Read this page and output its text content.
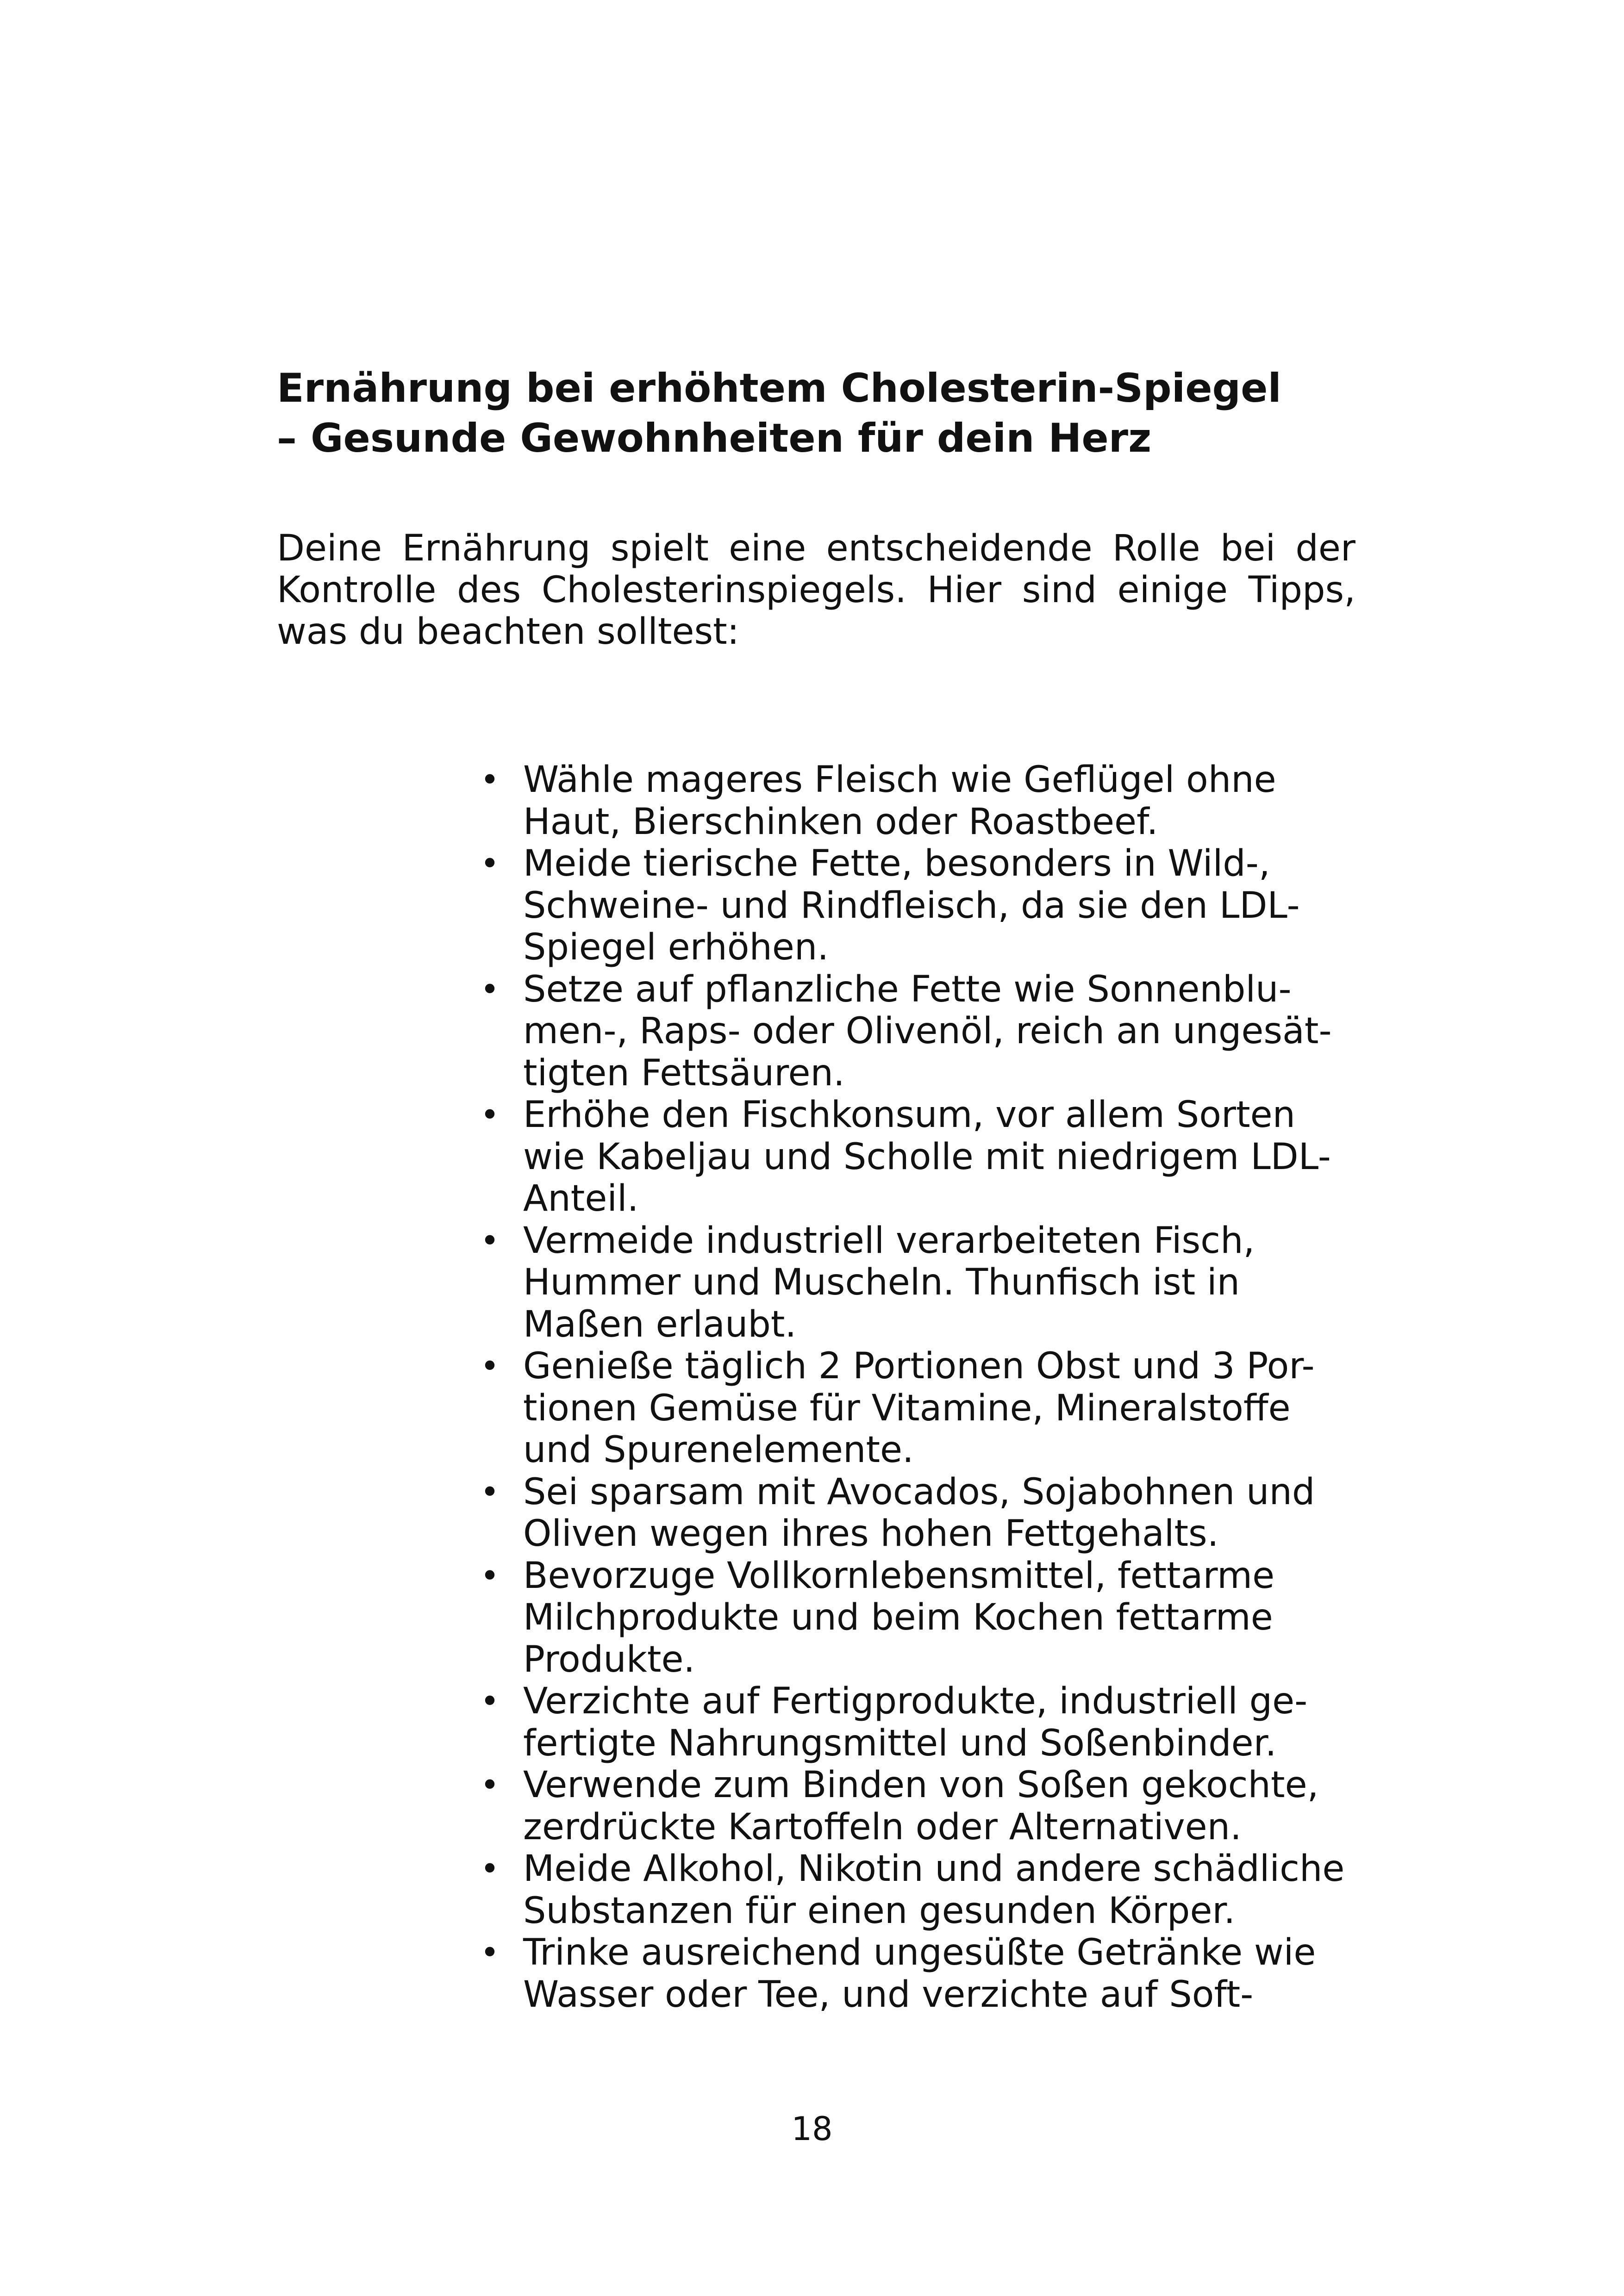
Ernährung bei erhöhtem Cholesterin-Spiegel
– Gesunde Gewohnheiten für dein Herz

Deine Ernährung spielt eine entscheidende Rolle bei der
Kontrolle des Cholesterinspiegels. Hier sind einige Tipps,
was du beachten solltest:

• Wähle mageres Fleisch wie Geflügel ohne
Haut, Bierschinken oder Roastbeef.
• Meide tierische Fette, besonders in Wild-,
Schweine- und Rindfleisch, da sie den LDL-
Spiegel erhöhen.
• Setze auf pflanzliche Fette wie Sonnenblu-
men-, Raps- oder Olivenöl, reich an ungesät-
tigten Fettsäuren.
• Erhöhe den Fischkonsum, vor allem Sorten
wie Kabeljau und Scholle mit niedrigem LDL-
Anteil.
• Vermeide industriell verarbeiteten Fisch,
Hummer und Muscheln. Thunfisch ist in
Maßen erlaubt.
• Genieße täglich 2 Portionen Obst und 3 Por-
tionen Gemüse für Vitamine, Mineralstoffe
und Spurenelemente.
• Sei sparsam mit Avocados, Sojabohnen und
Oliven wegen ihres hohen Fettgehalts.
• Bevorzuge Vollkornlebensmittel, fettarme
Milchprodukte und beim Kochen fettarme
Produkte.
• Verzichte auf Fertigprodukte, industriell ge-
fertigte Nahrungsmittel und Soßenbinder.
• Verwende zum Binden von Soßen gekochte,
zerdrückte Kartoffeln oder Alternativen.
• Meide Alkohol, Nikotin und andere schädliche
Substanzen für einen gesunden Körper.
• Trinke ausreichend ungesüßte Getränke wie
Wasser oder Tee, und verzichte auf Soft-
18
